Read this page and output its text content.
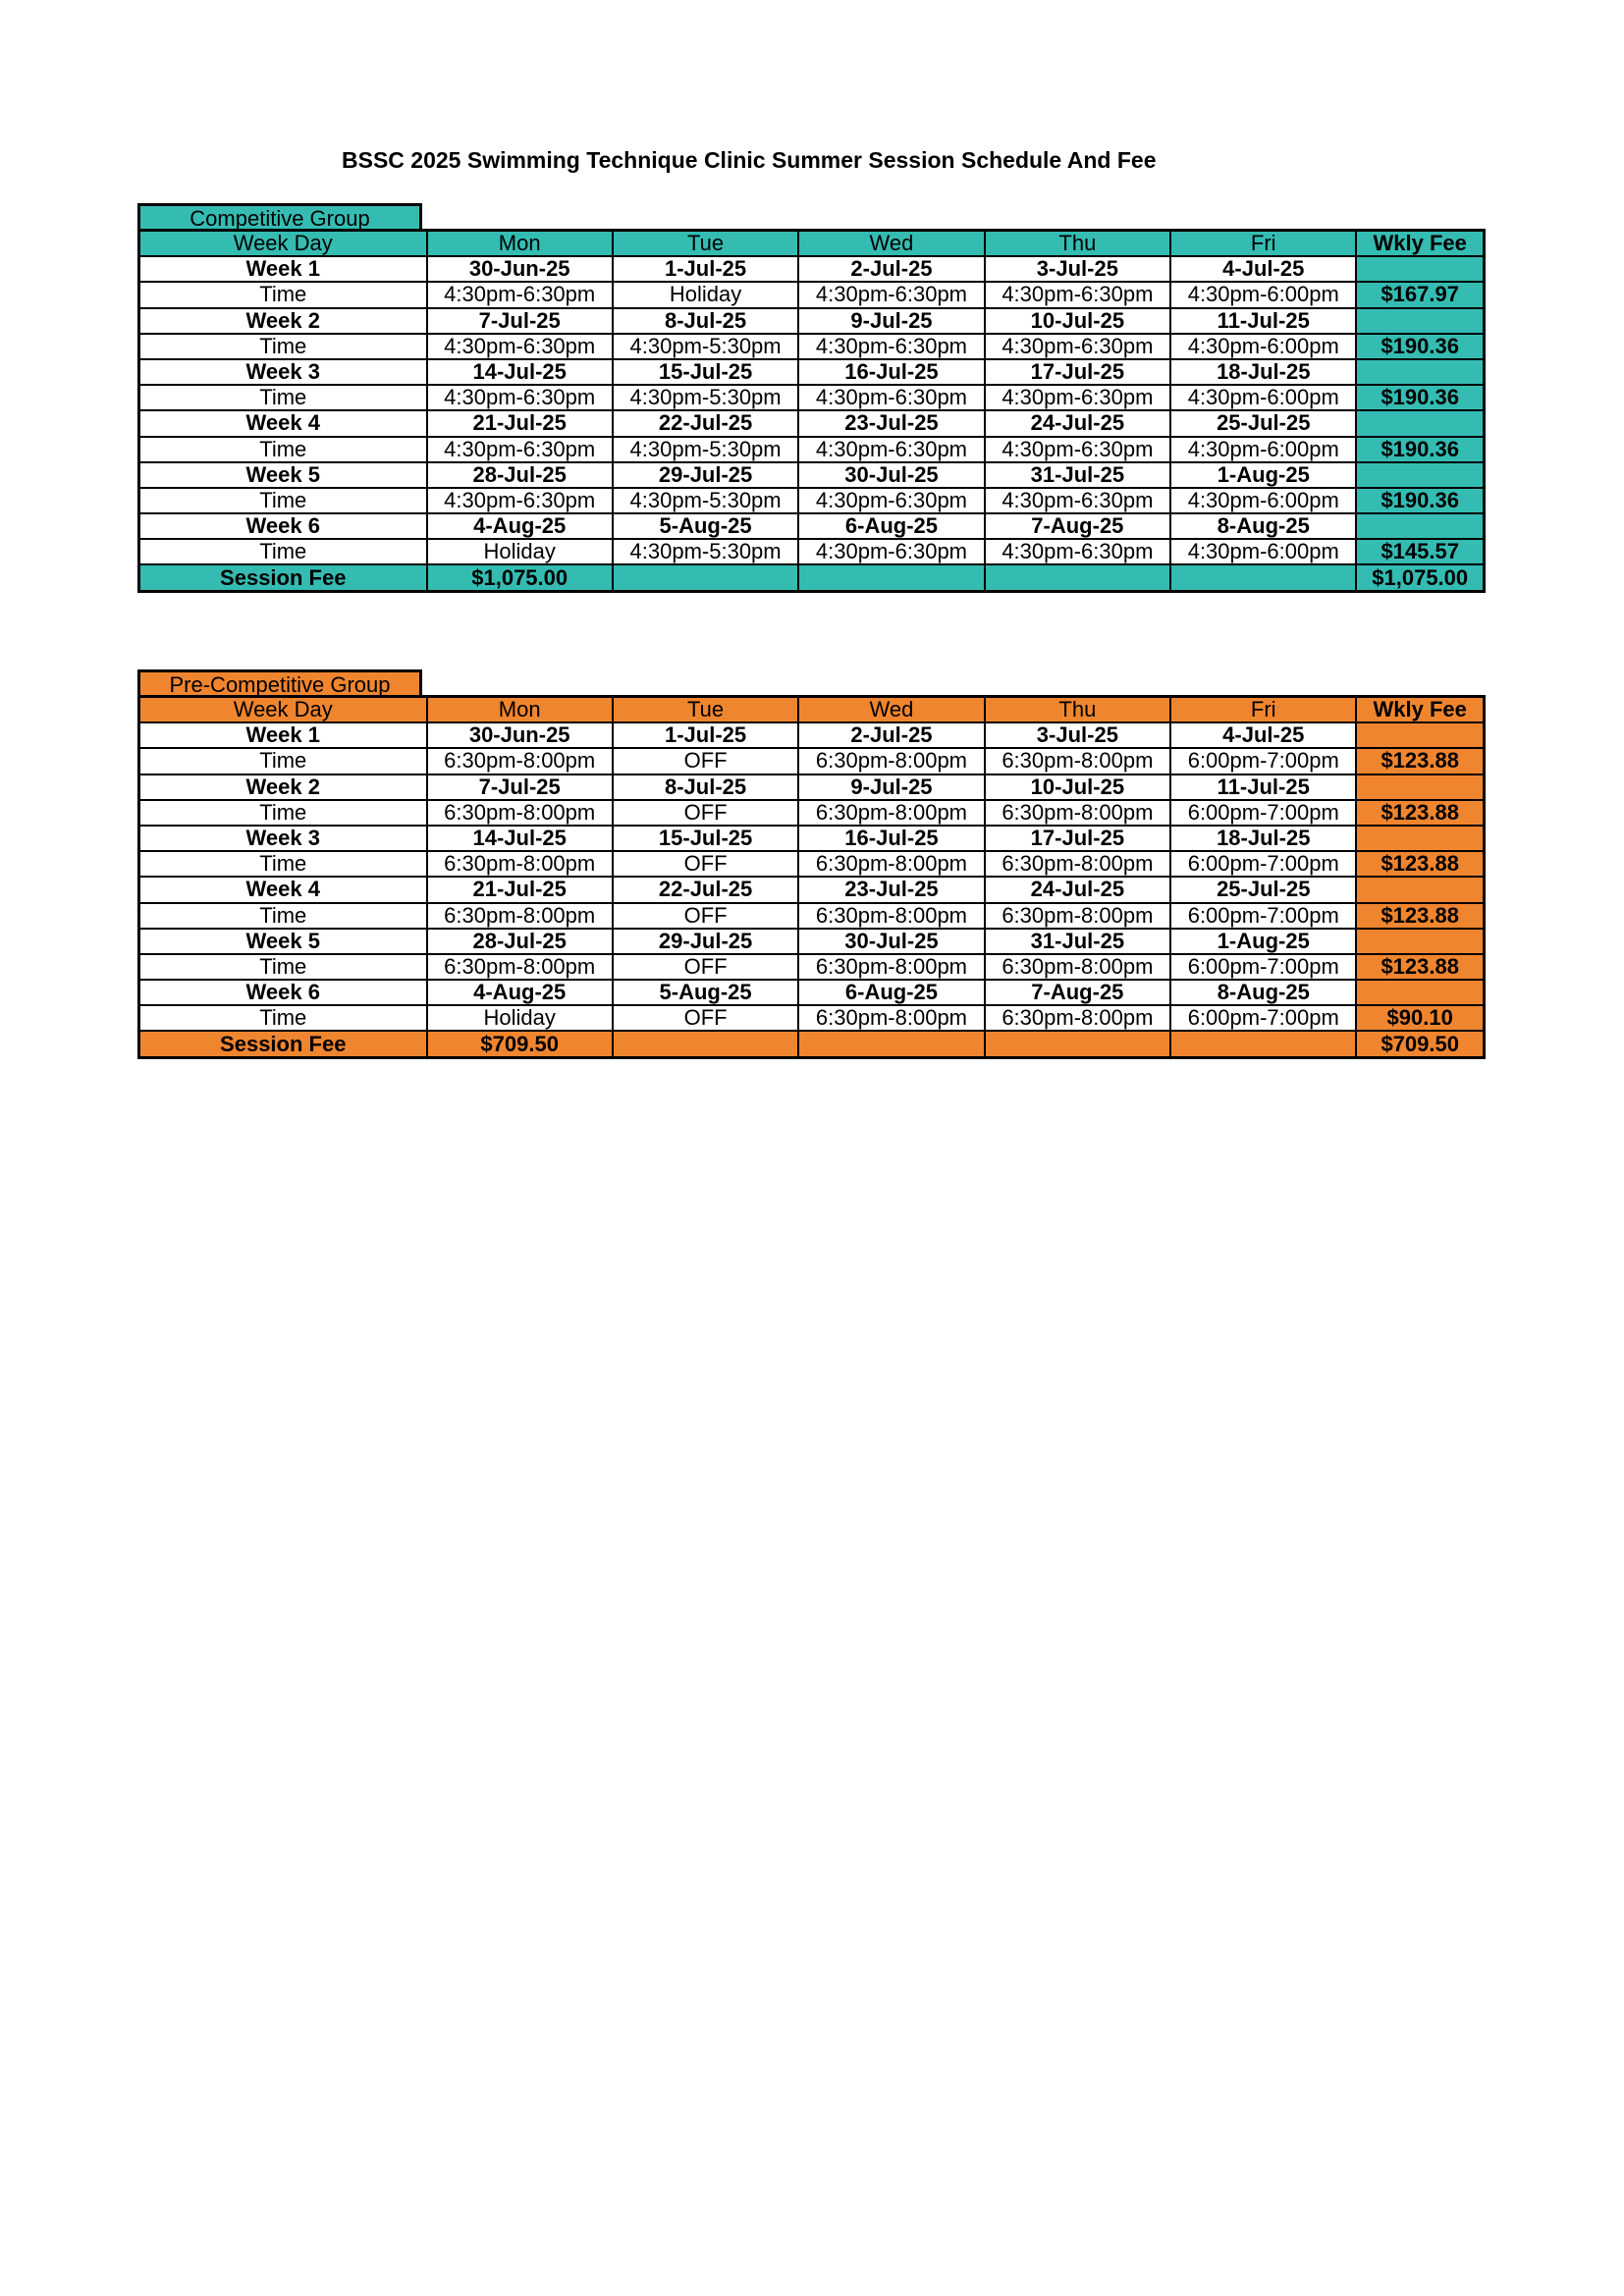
BSSC 2025 Swimming Technique Clinic Summer Session Schedule And Fee
Competitive Group
Week Day	Mon	Tue	Wed	Thu	Fri	Wkly Fee
Week 1	30-Jun-25	1-Jul-25	2-Jul-25	3-Jul-25	4-Jul-25	
Time	4:30pm-6:30pm	Holiday	4:30pm-6:30pm	4:30pm-6:30pm	4:30pm-6:00pm	$167.97
Week 2	7-Jul-25	8-Jul-25	9-Jul-25	10-Jul-25	11-Jul-25	
Time	4:30pm-6:30pm	4:30pm-5:30pm	4:30pm-6:30pm	4:30pm-6:30pm	4:30pm-6:00pm	$190.36
Week 3	14-Jul-25	15-Jul-25	16-Jul-25	17-Jul-25	18-Jul-25	
Time	4:30pm-6:30pm	4:30pm-5:30pm	4:30pm-6:30pm	4:30pm-6:30pm	4:30pm-6:00pm	$190.36
Week 4	21-Jul-25	22-Jul-25	23-Jul-25	24-Jul-25	25-Jul-25	
Time	4:30pm-6:30pm	4:30pm-5:30pm	4:30pm-6:30pm	4:30pm-6:30pm	4:30pm-6:00pm	$190.36
Week 5	28-Jul-25	29-Jul-25	30-Jul-25	31-Jul-25	1-Aug-25	
Time	4:30pm-6:30pm	4:30pm-5:30pm	4:30pm-6:30pm	4:30pm-6:30pm	4:30pm-6:00pm	$190.36
Week 6	4-Aug-25	5-Aug-25	6-Aug-25	7-Aug-25	8-Aug-25	
Time	Holiday	4:30pm-5:30pm	4:30pm-6:30pm	4:30pm-6:30pm	4:30pm-6:00pm	$145.57
Session Fee	$1,075.00					$1,075.00
Pre-Competitive Group
Week Day	Mon	Tue	Wed	Thu	Fri	Wkly Fee
Week 1	30-Jun-25	1-Jul-25	2-Jul-25	3-Jul-25	4-Jul-25	
Time	6:30pm-8:00pm	OFF	6:30pm-8:00pm	6:30pm-8:00pm	6:00pm-7:00pm	$123.88
Week 2	7-Jul-25	8-Jul-25	9-Jul-25	10-Jul-25	11-Jul-25	
Time	6:30pm-8:00pm	OFF	6:30pm-8:00pm	6:30pm-8:00pm	6:00pm-7:00pm	$123.88
Week 3	14-Jul-25	15-Jul-25	16-Jul-25	17-Jul-25	18-Jul-25	
Time	6:30pm-8:00pm	OFF	6:30pm-8:00pm	6:30pm-8:00pm	6:00pm-7:00pm	$123.88
Week 4	21-Jul-25	22-Jul-25	23-Jul-25	24-Jul-25	25-Jul-25	
Time	6:30pm-8:00pm	OFF	6:30pm-8:00pm	6:30pm-8:00pm	6:00pm-7:00pm	$123.88
Week 5	28-Jul-25	29-Jul-25	30-Jul-25	31-Jul-25	1-Aug-25	
Time	6:30pm-8:00pm	OFF	6:30pm-8:00pm	6:30pm-8:00pm	6:00pm-7:00pm	$123.88
Week 6	4-Aug-25	5-Aug-25	6-Aug-25	7-Aug-25	8-Aug-25	
Time	Holiday	OFF	6:30pm-8:00pm	6:30pm-8:00pm	6:00pm-7:00pm	$90.10
Session Fee	$709.50					$709.50
